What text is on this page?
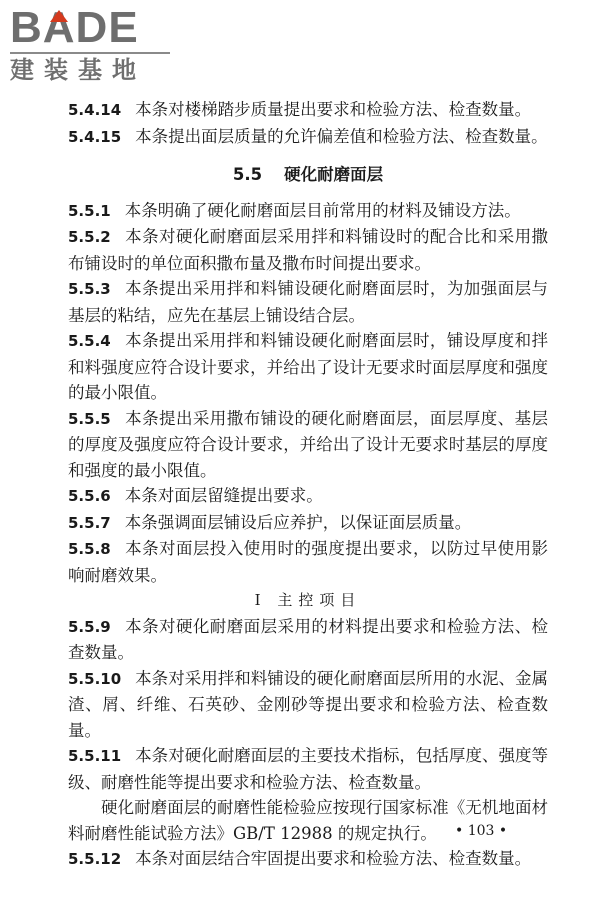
BADE
建装基地

5.4.14 本条对楼梯踏步质量提出要求和检验方法、检查数量。

5.4.15 本条提出面层质量的允许偏差值和检验方法、检查数量。

5.5 硬化耐磨面层

5.5.1 本条明确了硬化耐磨面层目前常用的材料及铺设方法。

5.5.2 本条对硬化耐磨面层采用拌和料铺设时的配合比和采用撒布铺设时的单位面积撒布量及撒布时间提出要求。

5.5.3 本条提出采用拌和料铺设硬化耐磨面层时，为加强面层与基层的粘结，应先在基层上铺设结合层。

5.5.4 本条提出采用拌和料铺设硬化耐磨面层时，铺设厚度和拌和料强度应符合设计要求，并给出了设计无要求时面层厚度和强度的最小限值。

5.5.5 本条提出采用撒布铺设的硬化耐磨面层，面层厚度、基层的厚度及强度应符合设计要求，并给出了设计无要求时基层的厚度和强度的最小限值。

5.5.6 本条对面层留缝提出要求。

5.5.7 本条强调面层铺设后应养护，以保证面层质量。

5.5.8 本条对面层投入使用时的强度提出要求，以防过早使用影响耐磨效果。

Ⅰ 主控项目

5.5.9 本条对硬化耐磨面层采用的材料提出要求和检验方法、检查数量。

5.5.10 本条对采用拌和料铺设的硬化耐磨面层所用的水泥、金属渣、屑、纤维、石英砂、金刚砂等提出要求和检验方法、检查数量。

5.5.11 本条对硬化耐磨面层的主要技术指标，包括厚度、强度等级、耐磨性能等提出要求和检验方法、检查数量。

硬化耐磨面层的耐磨性能检验应按现行国家标准《无机地面材料耐磨性能试验方法》GB/T 12988 的规定执行。

5.5.12 本条对面层结合牢固提出要求和检验方法、检查数量。

• 103 •
